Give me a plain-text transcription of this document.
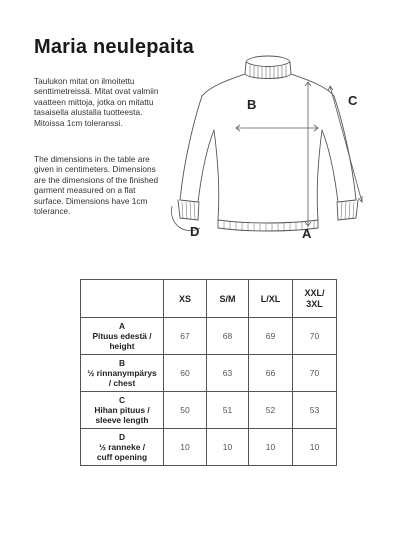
Maria neulepaita
Taulukon mitat on ilmoitettu senttimetreissä. Mitat ovat valmiin vaatteen mittoja, jotka on mitattu tasaisella alustalla tuotteesta. Mitoissa 1cm toleranssi.
The dimensions in the table are given in centimeters. Dimensions are the dimensions of the finished garment measured on a flat surface. Dimensions have 1cm tolerance.
B	C
A
D
	XS	S/M	L/XL	XXL/ 3XL

A
Pituus edestä /
height	67	68	69	70

B
½ rinnanympärys
/ chest	60	63	66	70

C
Hihan pituus /
sleeve length	50	51	52	53

D
½ ranneke /
cuff opening	10	10	10	10
